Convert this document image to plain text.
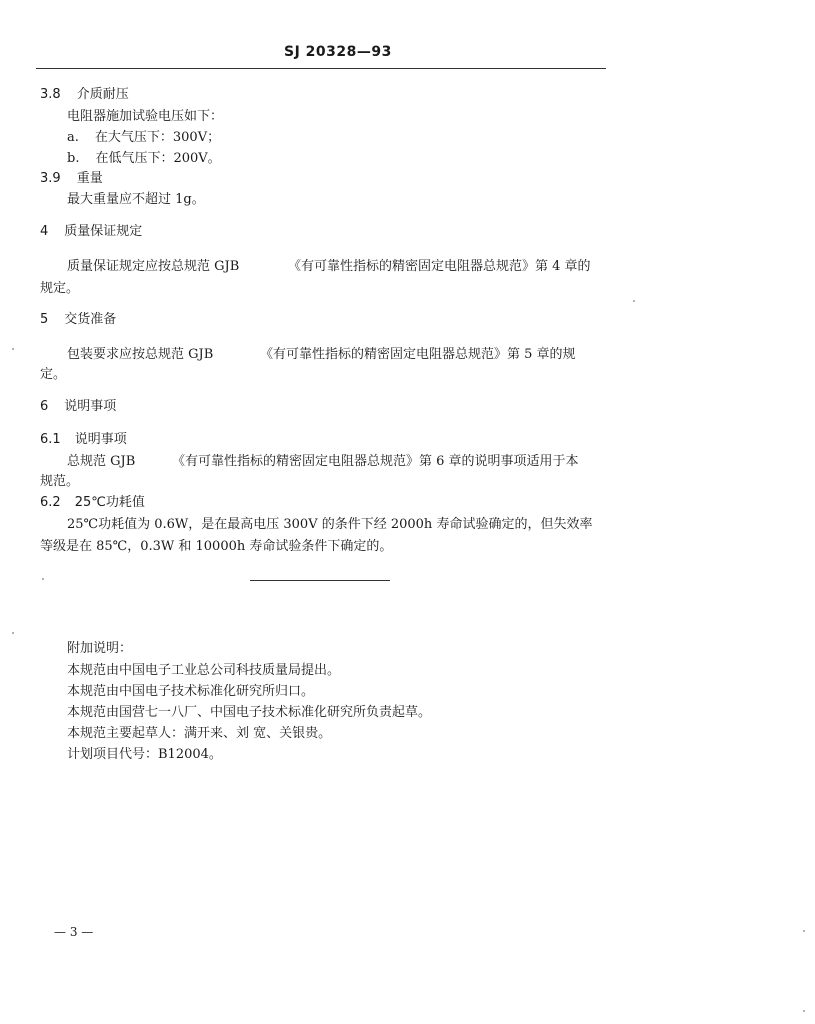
SJ 20328—93
3.8 介质耐压
电阻器施加试验电压如下：
a. 在大气压下：300V；
b. 在低气压下：200V。
3.9 重量
最大重量应不超过 1g。
4 质量保证规定
质量保证规定应按总规范 GJB	《有可靠性指标的精密固定电阻器总规范》第 4 章的
规定。
5 交货准备
包装要求应按总规范 GJB	《有可靠性指标的精密固定电阻器总规范》第 5 章的规
定。
6 说明事项
6.1 说明事项
总规范 GJB	《有可靠性指标的精密固定电阻器总规范》第 6 章的说明事项适用于本
规范。
6.2 25℃功耗值
25℃功耗值为 0.6W，是在最高电压 300V 的条件下经 2000h 寿命试验确定的，但失效率
等级是在 85℃，0.3W 和 10000h 寿命试验条件下确定的。
附加说明：
本规范由中国电子工业总公司科技质量局提出。
本规范由中国电子技术标准化研究所归口。
本规范由国营七一八厂、中国电子技术标准化研究所负责起草。
本规范主要起草人：满开来、刘 宽、关银贵。
计划项目代号：B12004。
— 3 —
